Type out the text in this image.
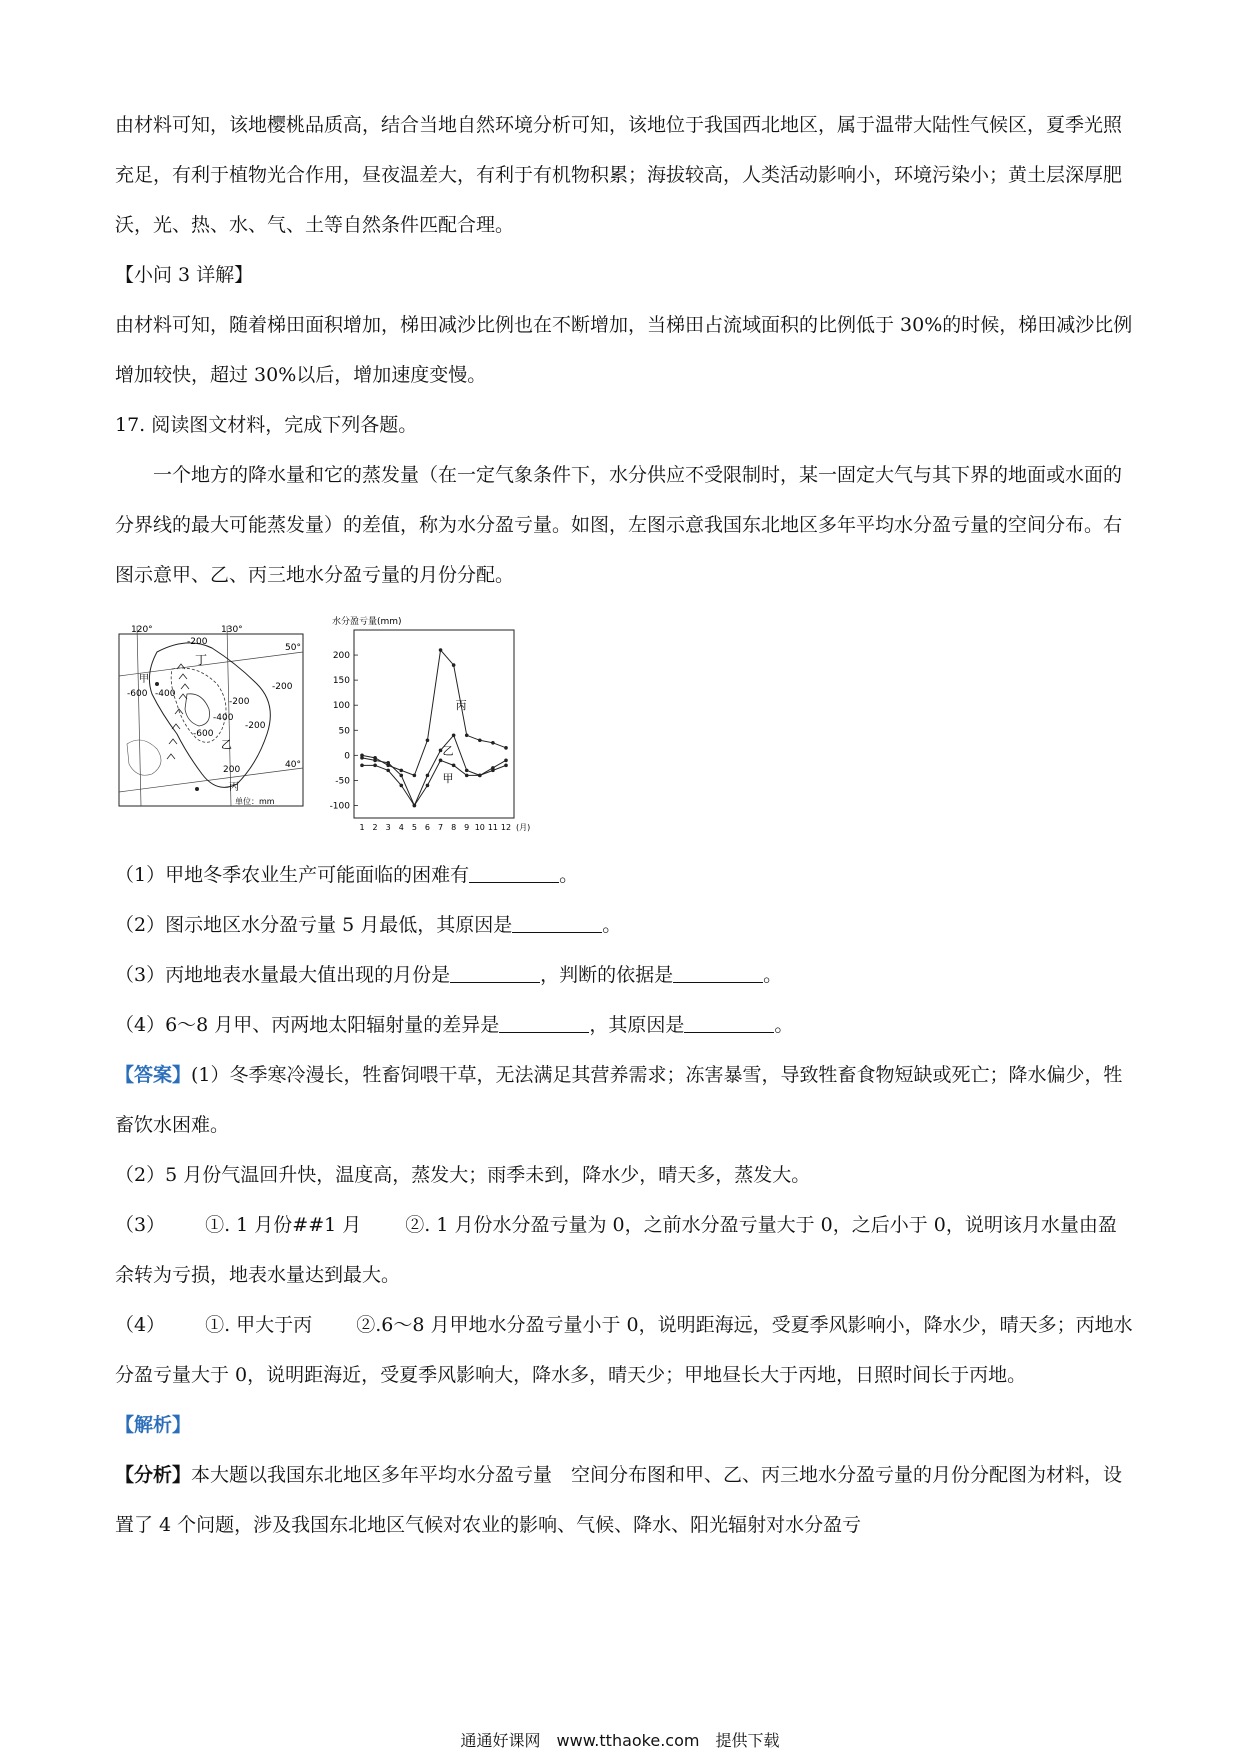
由材料可知，该地樱桃品质高，结合当地自然环境分析可知，该地位于我国西北地区，属于温带大陆性气候区，夏季光照充足，有利于植物光合作用，昼夜温差大，有利于有机物积累；海拔较高，人类活动影响小，环境污染小；黄土层深厚肥沃，光、热、水、气、土等自然条件匹配合理。

【小问 3 详解】

由材料可知，随着梯田面积增加，梯田减沙比例也在不断增加，当梯田占流域面积的比例低于 30%的时候，梯田减沙比例增加较快，超过 30%以后，增加速度变慢。

17. 阅读图文材料，完成下列各题。

一个地方的降水量和它的蒸发量（在一定气象条件下，水分供应不受限制时，某一固定大气与其下界的地面或水面的分界线的最大可能蒸发量）的差值，称为水分盈亏量。如图，左图示意我国东北地区多年平均水分盈亏量的空间分布。右图示意甲、乙、丙三地水分盈亏量的月份分配。

120°	130°
50°
40°
-200
丁
-200
甲
-600 -400
-200
-400
-200
-600
乙
200
丙
单位：mm
水分盈亏量(mm)
200
150
100
50
0
-50
-100
1 2 3 4 5 6 7 8 9 10 11 12 (月)
甲
乙
丙

（1）甲地冬季农业生产可能面临的困难有	。

（2）图示地区水分盈亏量 5 月最低，其原因是	。

（3）丙地地表水量最大值出现的月份是	，判断的依据是	。

（4）6～8 月甲、丙两地太阳辐射量的差异是	，其原因是	。

【答案】(1）冬季寒冷漫长，牲畜饲喂干草，无法满足其营养需求；冻害暴雪，导致牲畜食物短缺或死亡；降水偏少，牲畜饮水困难。

（2）5 月份气温回升快，温度高，蒸发大；雨季未到，降水少，晴天多，蒸发大。

（3） ①. 1 月份##1 月 ②. 1 月份水分盈亏量为 0，之前水分盈亏量大于 0，之后小于 0，说明该月水量由盈余转为亏损，地表水量达到最大。

（4） ①. 甲大于丙 ②.6～8 月甲地水分盈亏量小于 0，说明距海远，受夏季风影响小，降水少，晴天多；丙地水分盈亏量大于 0，说明距海近，受夏季风影响大，降水多，晴天少；甲地昼长大于丙地，日照时间长于丙地。

【解析】

【分析】本大题以我国东北地区多年平均水分盈亏量　空间分布图和甲、乙、丙三地水分盈亏量的月份分配图为材料，设置了 4 个问题，涉及我国东北地区气候对农业的影响、气候、降水、阳光辐射对水分盈亏

通通好课网　www.tthaoke.com　提供下载
